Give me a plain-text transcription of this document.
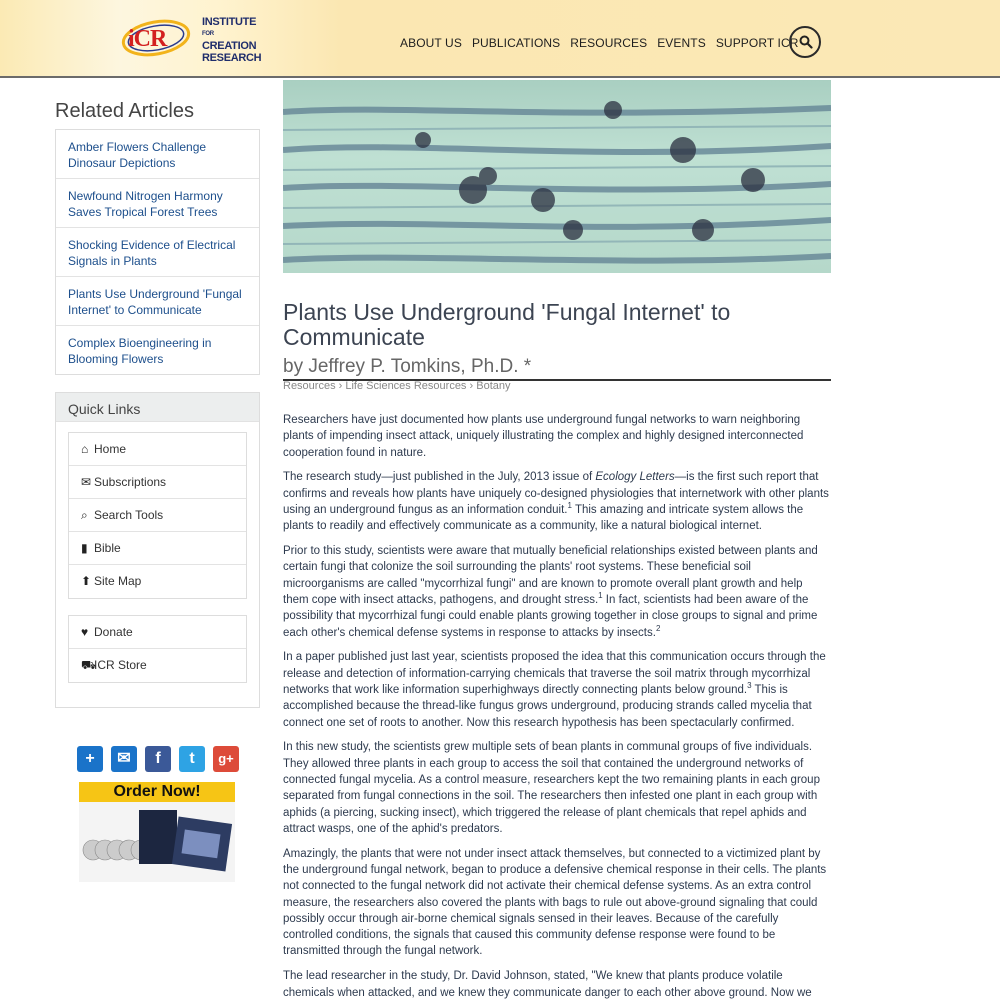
iCR
INSTITUTE $^{FOR}$
CREATION
RESEARCH
ABOUT US PUBLICATIONS RESOURCES EVENTS SUPPORT ICR
Related Articles
Amber Flowers Challenge Dinosaur Depictions
Newfound Nitrogen Harmony Saves Tropical Forest Trees
Shocking Evidence of Electrical Signals in Plants
Plants Use Underground 'Fungal Internet' to Communicate
Complex Bioengineering in Blooming Flowers
Quick Links
⌂ Home
✉ Subscriptions
⌕ Search Tools
▮ Bible
⬆ Site Map
♥ Donate
⛟ICR Store
+	✉	f	t	g+
Order Now!
Plants Use Underground 'Fungal Internet' to Communicate
by Jeffrey P. Tomkins, Ph.D. *
Resources › Life Sciences Resources › Botany

Researchers have just documented how plants use underground fungal networks to warn neighboring plants of impending insect attack, uniquely illustrating the complex and highly designed interconnected cooperation found in nature.

The research study—just published in the July, 2013 issue of Ecology Letters—is the first such report that confirms and reveals how plants have uniquely co-designed physiologies that internetwork with other plants using an underground fungus as an information conduit.$^1$ This amazing and intricate system allows the plants to readily and effectively communicate as a community, like a natural biological internet.

Prior to this study, scientists were aware that mutually beneficial relationships existed between plants and certain fungi that colonize the soil surrounding the plants' root systems. These beneficial soil microorganisms are called "mycorrhizal fungi" and are known to promote overall plant growth and help them cope with insect attacks, pathogens, and drought stress.$^1$ In fact, scientists had been aware of the possibility that mycorrhizal fungi could enable plants growing together in close groups to signal and prime each other's chemical defense systems in response to attacks by insects.$^2$

In a paper published just last year, scientists proposed the idea that this communication occurs through the release and detection of information-carrying chemicals that traverse the soil matrix through mycorrhizal networks that work like information superhighways directly connecting plants below ground.$^3$ This is accomplished because the thread-like fungus grows underground, producing strands called mycelia that connect one set of roots to another. Now this research hypothesis has been spectacularly confirmed.

In this new study, the scientists grew multiple sets of bean plants in communal groups of five individuals. They allowed three plants in each group to access the soil that contained the underground networks of connected fungal mycelia. As a control measure, researchers kept the two remaining plants in each group separated from fungal connections in the soil. The researchers then infested one plant in each group with aphids (a piercing, sucking insect), which triggered the release of plant chemicals that repel aphids and attract wasps, one of the aphid's predators.

Amazingly, the plants that were not under insect attack themselves, but connected to a victimized plant by the underground fungal network, began to produce a defensive chemical response in their cells. The plants not connected to the fungal network did not activate their chemical defense systems. As an extra control measure, the researchers also covered the plants with bags to rule out above-ground signaling that could possibly occur through air-borne chemical signals sensed in their leaves. Because of the carefully controlled conditions, the signals that caused this community defense response were found to be transmitted through the fungal network.

The lead researcher in the study, Dr. David Johnson, stated, "We knew that plants produce volatile chemicals when attacked, and we knew they communicate danger to each other above ground. Now we
